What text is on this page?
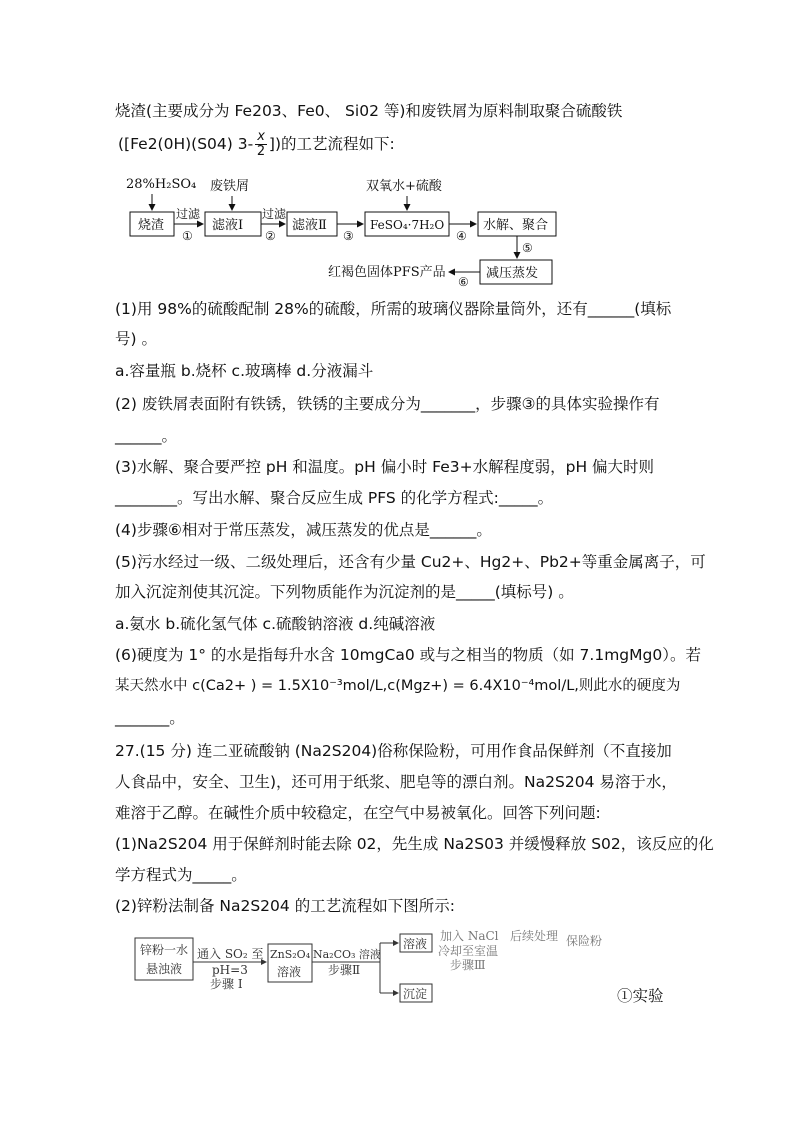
烧渣(主要成分为 Fe203、Fe0、 Si02 等)和废铁屑为原料制取聚合硫酸铁
([Fe2(0H)(S04) $3- \frac{x}{2}$ ])的工艺流程如下:
28%H₂SO₄ 废铁屑	双氧水+硫酸
烧渣	滤液Ⅰ	滤液Ⅱ	FeSO₄·7H₂O	水解、聚合
减压蒸发
过滤	过滤
①	②	③	④
⑤
⑥
红褐色固体PFS产品
(1)用 98%的硫酸配制 28%的硫酸，所需的玻璃仪器除量筒外，还有______(填标
号) 。
a.容量瓶 b.烧杯 c.玻璃棒 d.分液漏斗
(2) 废铁屑表面附有铁锈，铁锈的主要成分为_______，步骤③的具体实验操作有
______。
(3)水解、聚合要严控 pH 和温度。pH 偏小时 Fe3+水解程度弱，pH 偏大时则
________。写出水解、聚合反应生成 PFS 的化学方程式:_____。
(4)步骤⑥相对于常压蒸发，减压蒸发的优点是______。
(5)污水经过一级、二级处理后，还含有少量 Cu2+、Hg2+、Pb2+等重金属离子，可
加入沉淀剂使其沉淀。下列物质能作为沉淀剂的是_____(填标号) 。
a.氨水 b.硫化氢气体 c.硫酸钠溶液 d.纯碱溶液
(6)硬度为 1° 的水是指每升水含 10mgCa0 或与之相当的物质（如 7.1mgMg0）。若
某天然水中 c(Ca2+ ) = 1.5X10⁻³mol/L,c(Mgz+) = 6.4X10⁻⁴mol/L,则此水的硬度为
_______。
27.(15 分) 连二亚硫酸钠 (Na2S204)俗称保险粉，可用作食品保鲜剂（不直接加
人食品中，安全、卫生)，还可用于纸浆、肥皂等的漂白剂。Na2S204 易溶于水，
难溶于乙醇。在碱性介质中较稳定，在空气中易被氧化。回答下列问题:
(1)Na2S204 用于保鲜剂时能去除 02，先生成 Na2S03 并缓慢释放 S02，该反应的化
学方程式为_____。
(2)锌粉法制备 Na2S204 的工艺流程如下图所示:
锌粉一水
悬浊液
通入 SO₂ 至
pH=3
步骤 Ⅰ
ZnS₂O₄
溶液
Na₂CO₃ 溶液
步骤Ⅱ
溶液
沉淀
加入 NaCl
冷却至室温
步骤Ⅲ
后续处理 保险粉
①实验
